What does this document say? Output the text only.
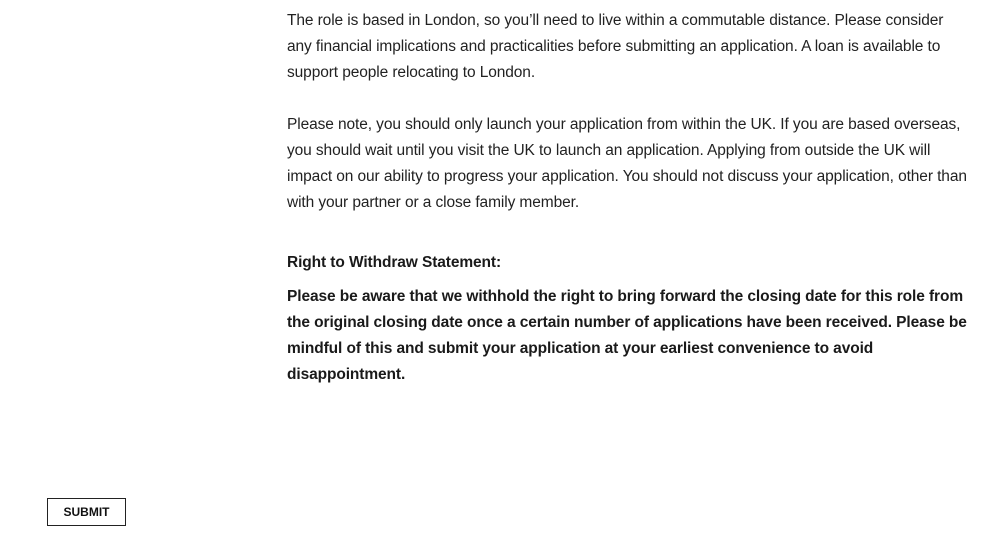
The role is based in London, so you’ll need to live within a commutable distance. Please consider any financial implications and practicalities before submitting an application. A loan is available to support people relocating to London.

Please note, you should only launch your application from within the UK. If you are based overseas, you should wait until you visit the UK to launch an application. Applying from outside the UK will impact on our ability to progress your application. You should not discuss your application, other than with your partner or a close family member.

Right to Withdraw Statement:

Please be aware that we withhold the right to bring forward the closing date for this role from the original closing date once a certain number of applications have been received. Please be mindful of this and submit your application at your earliest convenience to avoid disappointment.

SUBMIT
